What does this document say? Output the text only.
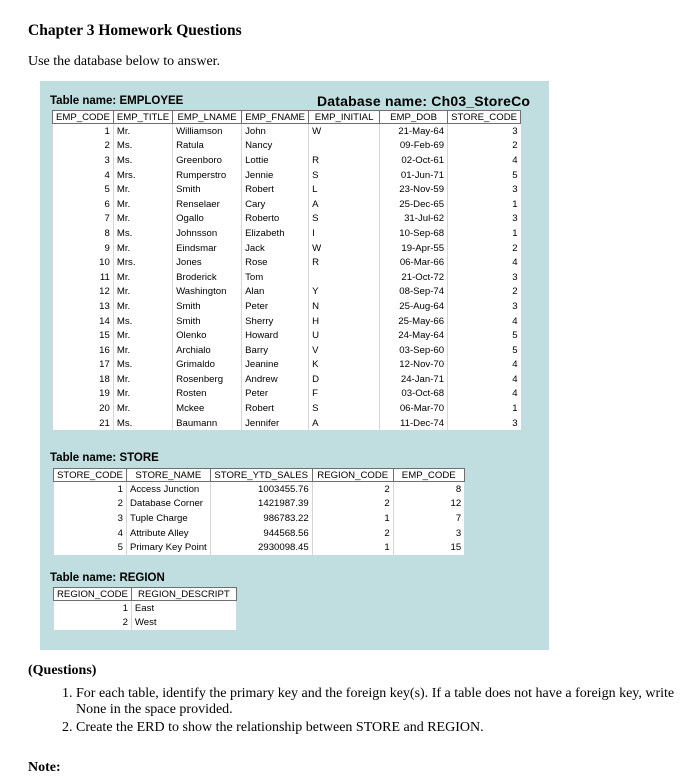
Chapter 3 Homework Questions
Use the database below to answer.
Table name: EMPLOYEE	Database name: Ch03_StoreCo
EMP_CODE	EMP_TITLE	EMP_LNAME	EMP_FNAME	EMP_INITIAL	EMP_DOB	STORE_CODE
1	Mr.	Williamson	John	W	21-May-64	3
2	Ms.	Ratula	Nancy		09-Feb-69	2
3	Ms.	Greenboro	Lottie	R	02-Oct-61	4
4	Mrs.	Rumperstro	Jennie	S	01-Jun-71	5
5	Mr.	Smith	Robert	L	23-Nov-59	3
6	Mr.	Renselaer	Cary	A	25-Dec-65	1
7	Mr.	Ogallo	Roberto	S	31-Jul-62	3
8	Ms.	Johnsson	Elizabeth	I	10-Sep-68	1
9	Mr.	Eindsmar	Jack	W	19-Apr-55	2
10	Mrs.	Jones	Rose	R	06-Mar-66	4
11	Mr.	Broderick	Tom		21-Oct-72	3
12	Mr.	Washington	Alan	Y	08-Sep-74	2
13	Mr.	Smith	Peter	N	25-Aug-64	3
14	Ms.	Smith	Sherry	H	25-May-66	4
15	Mr.	Olenko	Howard	U	24-May-64	5
16	Mr.	Archialo	Barry	V	03-Sep-60	5
17	Ms.	Grimaldo	Jeanine	K	12-Nov-70	4
18	Mr.	Rosenberg	Andrew	D	24-Jan-71	4
19	Mr.	Rosten	Peter	F	03-Oct-68	4
20	Mr.	Mckee	Robert	S	06-Mar-70	1
21	Ms.	Baumann	Jennifer	A	11-Dec-74	3
Table name: STORE
STORE_CODE	STORE_NAME	STORE_YTD_SALES	REGION_CODE	EMP_CODE
1	Access Junction	1003455.76	2	8
2	Database Corner	1421987.39	2	12
3	Tuple Charge	986783.22	1	7
4	Attribute Alley	944568.56	2	3
5	Primary Key Point	2930098.45	1	15
Table name: REGION
REGION_CODE	REGION_DESCRIPT
1	East
2	West
(Questions)
1. For each table, identify the primary key and the foreign key(s). If a table does not have a foreign key, write None in the space provided.
2. Create the ERD to show the relationship between STORE and REGION.
Note:
